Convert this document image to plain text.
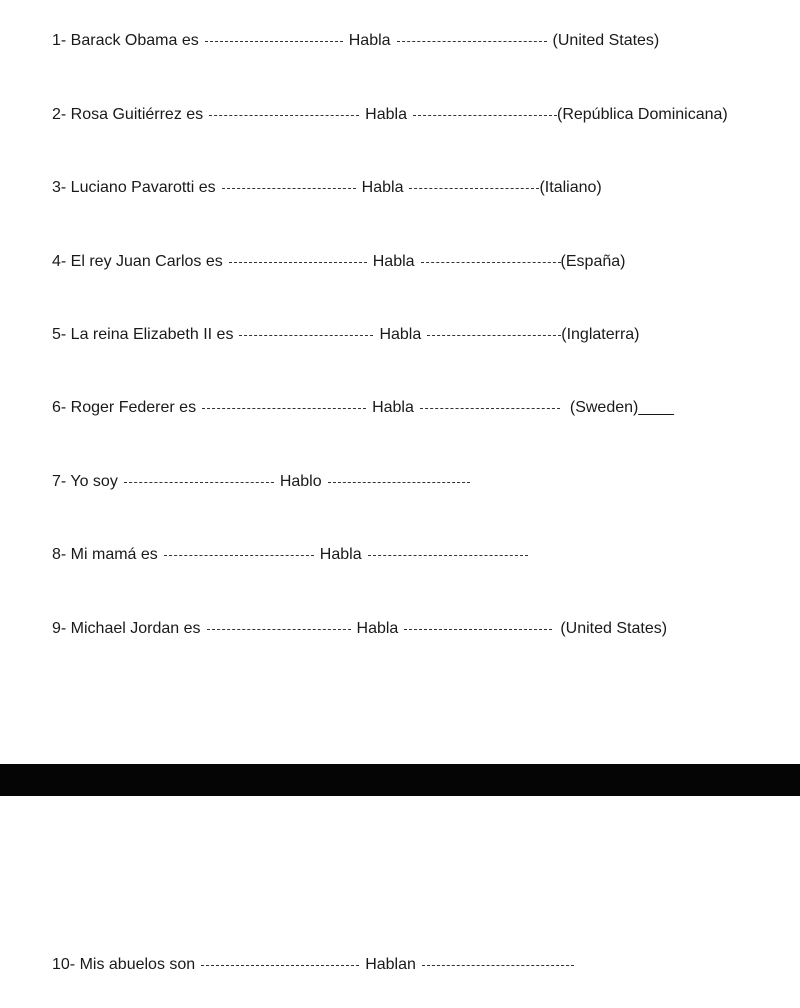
1- Barack Obama es	Habla	(United States)
2- Rosa Guitiérrez es	Habla	(República Dominicana)
3- Luciano Pavarotti es	Habla	(Italiano)
4- El rey Juan Carlos es	Habla	(España)
5- La reina Elizabeth II es	Habla	(Inglaterra)
6- Roger Federer es	Habla	(Sweden) ____
7- Yo soy	Hablo
8- Mi mamá es	Habla
9- Michael Jordan es	Habla	(United States)
10- Mis abuelos son	Hablan
